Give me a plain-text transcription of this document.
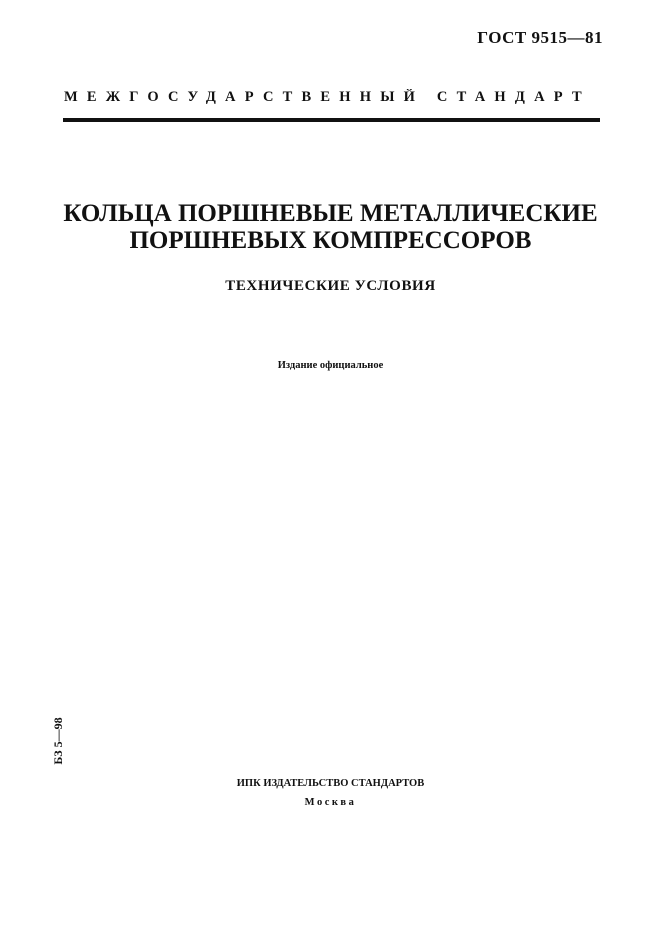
ГОСТ 9515—81
МЕЖГОСУДАРСТВЕННЫЙ СТАНДАРТ
КОЛЬЦА ПОРШНЕВЫЕ МЕТАЛЛИЧЕСКИЕ
ПОРШНЕВЫХ КОМПРЕССОРОВ
ТЕХНИЧЕСКИЕ УСЛОВИЯ
Издание официальное
БЗ 5—98
ИПК ИЗДАТЕЛЬСТВО СТАНДАРТОВ
Москва
